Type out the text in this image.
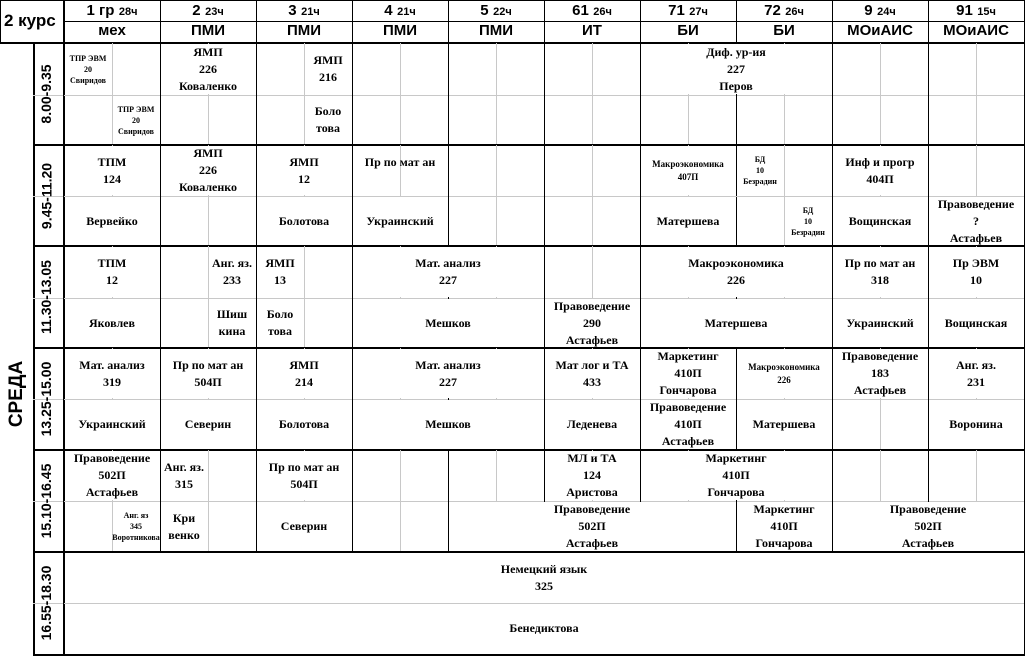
2 курс
1 гр 28ч
мех
2 23ч
ПМИ
3 21ч
ПМИ
4 21ч
ПМИ
5 22ч
ПМИ
61 26ч
ИТ
71 27ч
БИ
72 26ч
БИ
9 24ч
МОиАИС
91 15ч
МОиАИС
8.00-9.35
9.45-11.20
11.30-13.05
13.25-15.00
15.10-16.45
16.55-18.30
СРЕДА
ТПР ЭВМ
20
Свиридов
ТПР ЭВМ
20
Свиридов
ЯМП
226
Коваленко
ЯМП
216
Боло
това
Диф. ур-ия
227
Перов
ТПМ
124
Вервейко
ЯМП
226
Коваленко
ЯМП
12
Болотова
Пр по мат ан
Украинский
Макроэкономика
407П
Матершева
БД
10
Безрадин
БД
10
Безрадин
Инф и прогр
404П
Вощинская
Правоведение
?
Астафьев
ТПМ
12
Яковлев
Анг. яз.
233
Шиш
кина
ЯМП
13
Боло
това
Мат. анализ
227
Мешков
Правоведение
290
Астафьев
Макроэкономика
226
Матершева
Пр по мат ан
318
Украинский
Пр ЭВМ
10
Вощинская
Мат. анализ
319
Украинский
Пр по мат ан
504П
Северин
ЯМП
214
Болотова
Мат. анализ
227
Мешков
Мат лог и ТА
433
Леденева
Маркетинг
410П
Гончарова
Правоведение
410П
Астафьев
Макроэкономика
226
Матершева
Правоведение
183
Астафьев
Анг. яз.
231
Воронина
Правоведение
502П
Астафьев
Анг. яз
345
Воротникова
Анг. яз.
315
Кри
венко
Пр по мат ан
504П
Северин
МЛ и ТА
124
Аристова
Маркетинг
410П
Гончарова
Правоведение
502П
Астафьев
Маркетинг
410П
Гончарова
Правоведение
502П
Астафьев
Немецкий язык
325
Бенедиктова
